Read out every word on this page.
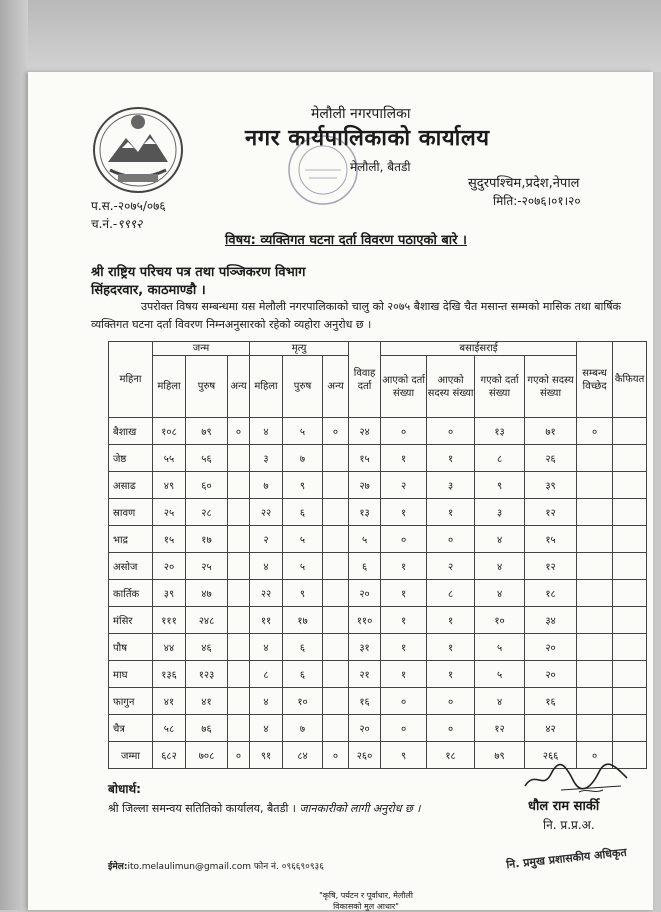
मेलौली नगरपालिका
नगर कार्यपालिकाको कार्यालय
मेलौली, बैतडी
सुदुरपश्चिम,प्रदेश,नेपाल
प.स.-२०७५/०७६	मिति:-२०७६।०१।२०
च.नं.-९९९२
विषय: व्यक्तिगत घटना दर्ता विवरण पठाएको बारे ।
श्री राष्ट्रिय परिचय पत्र तथा पञ्जिकरण विभाग
सिंहदरवार, काठमाण्डौ ।
उपरोक्त विषय सम्बन्धमा यस मेलौली नगरपालिकाको चालु को २०७५ बैशाख देखि चैत मसान्त सम्मको मासिक तथा बार्षिक व्यक्तिगत घटना दर्ता विवरण निम्नअनुसारको रहेको व्यहोरा अनुरोध छ ।
महिना	जन्म			मृत्यु			विवाह दर्ता	बसाईसराई				सम्बन्ध विच्छेद	कैफियत
	महिला	पुरुष	अन्य	महिला	पुरुष	अन्य		आएको दर्ता संख्या	आएको सदस्य संख्या	गएको दर्ता संख्या	गएको सदस्य संख्या		
बैशाख	१०८	७९	०	४	५	०	२४	०	०	१३	७१	०	
जेष्ठ	५५	५६		३	७		१५	१	१	८	२६		
असाढ	४९	६०		७	९		२७	२	३	९	३९		
स्रावण	२५	२८		२२	६		१३	१	१	३	१२		
भाद्र	१५	१७		२	५		५	०	०	४	१५		
असोज	२०	२५		४	५		६	१	२	४	१२		
कार्तिक	३९	४७		२२	९		२०	१	८	४	१८		
मंसिर	१११	२४८		११	१७		११०	१	१	१०	३४		
पौष	४४	४६		४	६		३१	१	१	५	२०		
माघ	१३६	१२३		८	६		२१	१	१	५	२०		
फागुन	४१	४१		४	१०		१६	०	०	४	१६		
चैत्र	५८	७६		४	७		२०	०	०	१२	४२		
जम्मा	६८२	७०८	०	९१	८४	०	२६०	९	१८	७९	२६६	०	
बोधार्थ:
श्री जिल्ला समन्वय सतितिको कार्यालय, बैतडी । जानकारीको लागी अनुरोध छ ।	धौल राम सार्की
नि. प्र.प्र.अ.
नि. प्रमुख प्रशासकीय अधिकृत
ईमेल:ito.melaulimun@gmail.com फोन नं. ०९६६९०९३६
"कृषि, पर्यटन र पूर्वाधार, मेलौली विकासको मुल आधार"
